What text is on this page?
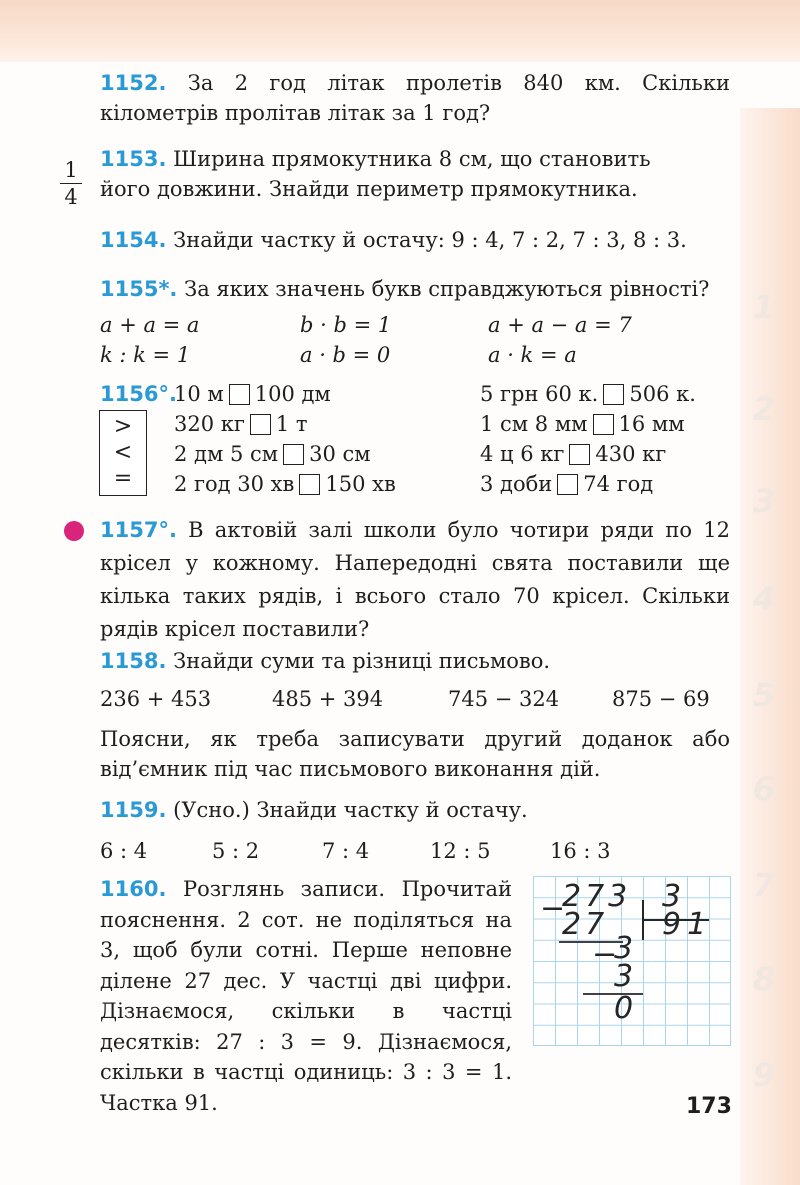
1
2
3
4
5
6
7
8
9
1
4
>
<
=
1152. За 2 год літак пролетів 840 км. Скільки кілометрів пролітав літак за 1 год?
1153. Ширина прямокутника 8 см, що становить
його довжини. Знайди периметр прямокутника.
1154. Знайди частку й остачу: 9 : 4, 7 : 2, 7 : 3, 8 : 3.
1155*. За яких значень букв справджуються рівності?
a + a = a	b · b = 1	a + a − a = 7
k : k = 1	a · b = 0	a · k = a
1156°.
10 м 100 дм	5 грн 60 к. 506 к.
320 кг 1 т	1 см 8 мм 16 мм
2 дм 5 см 30 см	4 ц 6 кг 430 кг
2 год 30 хв 150 хв	3 доби 74 год
1157°. В актовій залі школи було чотири ряди по 12 крісел у кожному. Напередодні свята поставили ще кілька таких рядів, і всього стало 70 крісел. Скільки рядів крісел поставили?
1158. Знайди суми та різниці письмово.
236 + 453	485 + 394	745 − 324	875 − 69
Поясни, як треба записувати другий доданок або від’ємник під час письмового виконання дій.
1159. (Усно.) Знайди частку й остачу.
6 : 4	5 : 2	7 : 4	12 : 5	16 : 3
1160. Розглянь записи. Прочитай пояснення. 2 сот. не поділяться на 3, щоб були сотні. Перше неповне ділене 27 дес. У частці дві цифри. Дізнаємося, скільки в частці десятків: 27 : 3 = 9. Дізнаємося, скільки в частці одиниць: 3 : 3 = 1. Частка 91.
−
273 3
27 91
−
3
3
0
173
